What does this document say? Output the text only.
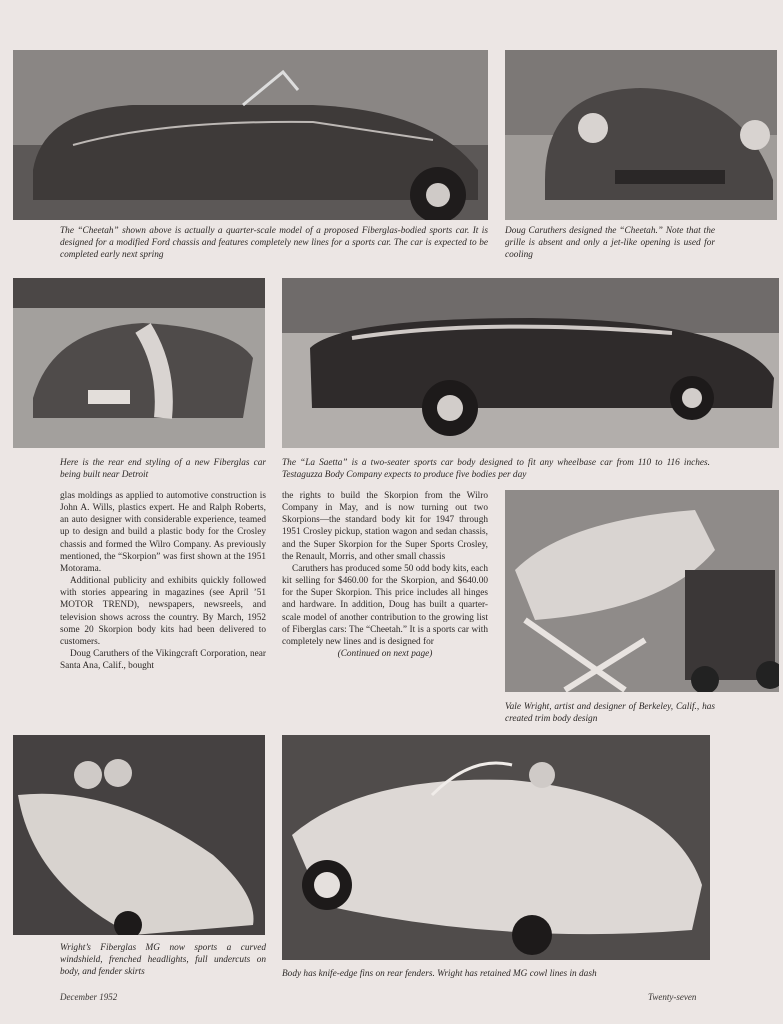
The “Cheetah” shown above is actually a quarter-scale model of a proposed Fiberglas-bodied sports car. It is designed for a modified Ford chassis and features completely new lines for a sports car. The car is expected to be completed early next spring

Doug Caruthers designed the “Cheetah.” Note that the grille is absent and only a jet-like opening is used for cooling

Here is the rear end styling of a new Fiberglas car being built near Detroit

The “La Saetta” is a two-seater sports car body designed to fit any wheelbase car from 110 to 116 inches. Testaguzza Body Company expects to produce five bodies per day

glas moldings as applied to automotive construction is John A. Wills, plastics expert. He and Ralph Roberts, an auto designer with considerable experience, teamed up to design and build a plastic body for the Crosley chassis and formed the Wilro Company. As previously mentioned, the “Skorpion” was first shown at the 1951 Motorama.

Additional publicity and exhibits quickly followed with stories appearing in magazines (see April ’51 MOTOR TREND), newspapers, newsreels, and television shows across the country. By March, 1952 some 20 Skorpion body kits had been delivered to customers.

Doug Caruthers of the Vikingcraft Corporation, near Santa Ana, Calif., bought

the rights to build the Skorpion from the Wilro Company in May, and is now turning out two Skorpions—the standard body kit for 1947 through 1951 Crosley pickup, station wagon and sedan chassis, and the Super Skorpion for the Super Sports Crosley, the Renault, Morris, and other small chassis

Caruthers has produced some 50 odd body kits, each kit selling for $460.00 for the Skorpion, and $640.00 for the Super Skorpion. This price includes all hinges and hardware. In addition, Doug has built a quarter-scale model of another contribution to the growing list of Fiberglas cars: The “Cheetah.” It is a sports car with completely new lines and is designed for

(Continued on next page)

Vale Wright, artist and designer of Berkeley, Calif., has created trim body design

Wright’s Fiberglas MG now sports a curved windshield, frenched headlights, full undercuts on body, and fender skirts	Body has knife-edge fins on rear fenders. Wright has retained MG cowl lines in dash

December 1952	Twenty-seven
